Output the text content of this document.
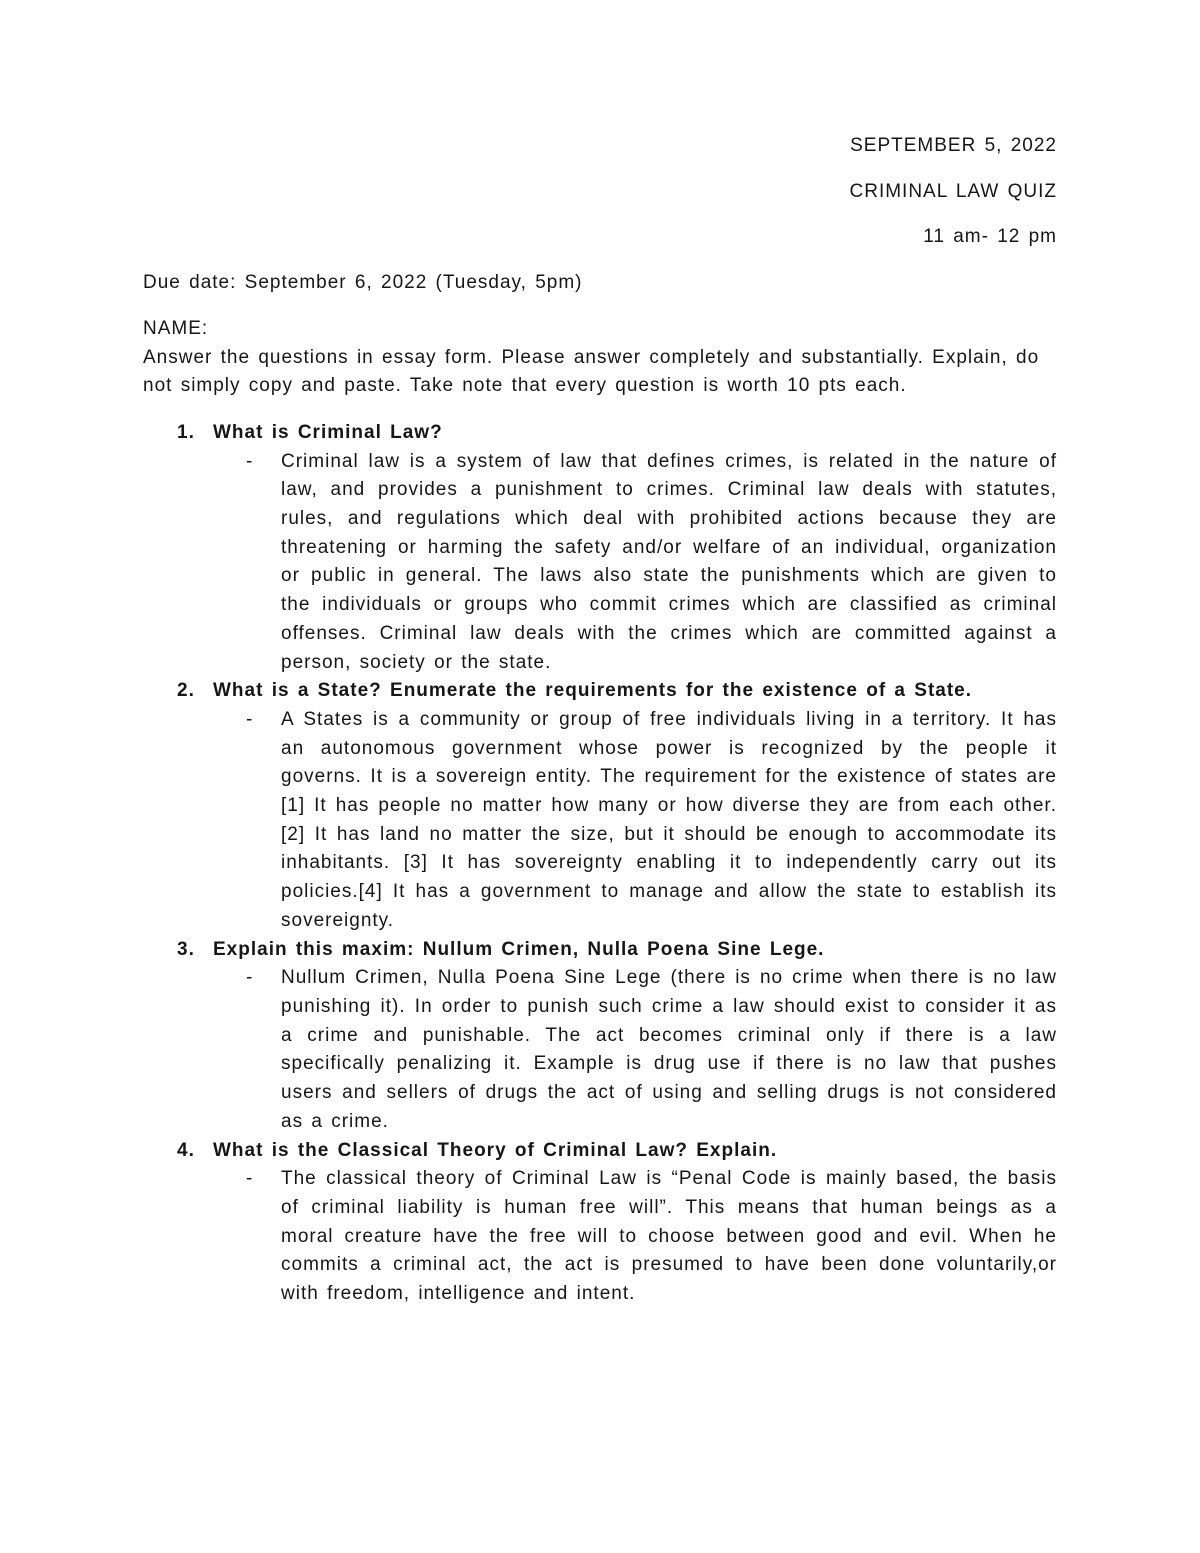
SEPTEMBER 5, 2022

CRIMINAL LAW QUIZ

11 am- 12 pm

Due date: September 6, 2022 (Tuesday, 5pm)

NAME:

Answer the questions in essay form. Please answer completely and substantially. Explain, do not simply copy and paste. Take note that every question is worth 10 pts each.

1. What is Criminal Law?
- Criminal law is a system of law that defines crimes, is related in the nature of law, and provides a punishment to crimes. Criminal law deals with statutes, rules, and regulations which deal with prohibited actions because they are threatening or harming the safety and/or welfare of an individual, organization or public in general. The laws also state the punishments which are given to the individuals or groups who commit crimes which are classified as criminal offenses. Criminal law deals with the crimes which are committed against a person, society or the state.
2. What is a State? Enumerate the requirements for the existence of a State.
- A States is a community or group of free individuals living in a territory. It has an autonomous government whose power is recognized by the people it governs. It is a sovereign entity. The requirement for the existence of states are [1] It has people no matter how many or how diverse they are from each other. [2] It has land no matter the size, but it should be enough to accommodate its inhabitants. [3] It has sovereignty enabling it to independently carry out its policies.[4] It has a government to manage and allow the state to establish its sovereignty.
3. Explain this maxim: Nullum Crimen, Nulla Poena Sine Lege.
- Nullum Crimen, Nulla Poena Sine Lege (there is no crime when there is no law punishing it). In order to punish such crime a law should exist to consider it as a crime and punishable. The act becomes criminal only if there is a law specifically penalizing it. Example is drug use if there is no law that pushes users and sellers of drugs the act of using and selling drugs is not considered as a crime.
4. What is the Classical Theory of Criminal Law? Explain.
- The classical theory of Criminal Law is “Penal Code is mainly based, the basis of criminal liability is human free will”. This means that human beings as a moral creature have the free will to choose between good and evil. When he commits a criminal act, the act is presumed to have been done voluntarily,or with freedom, intelligence and intent.
